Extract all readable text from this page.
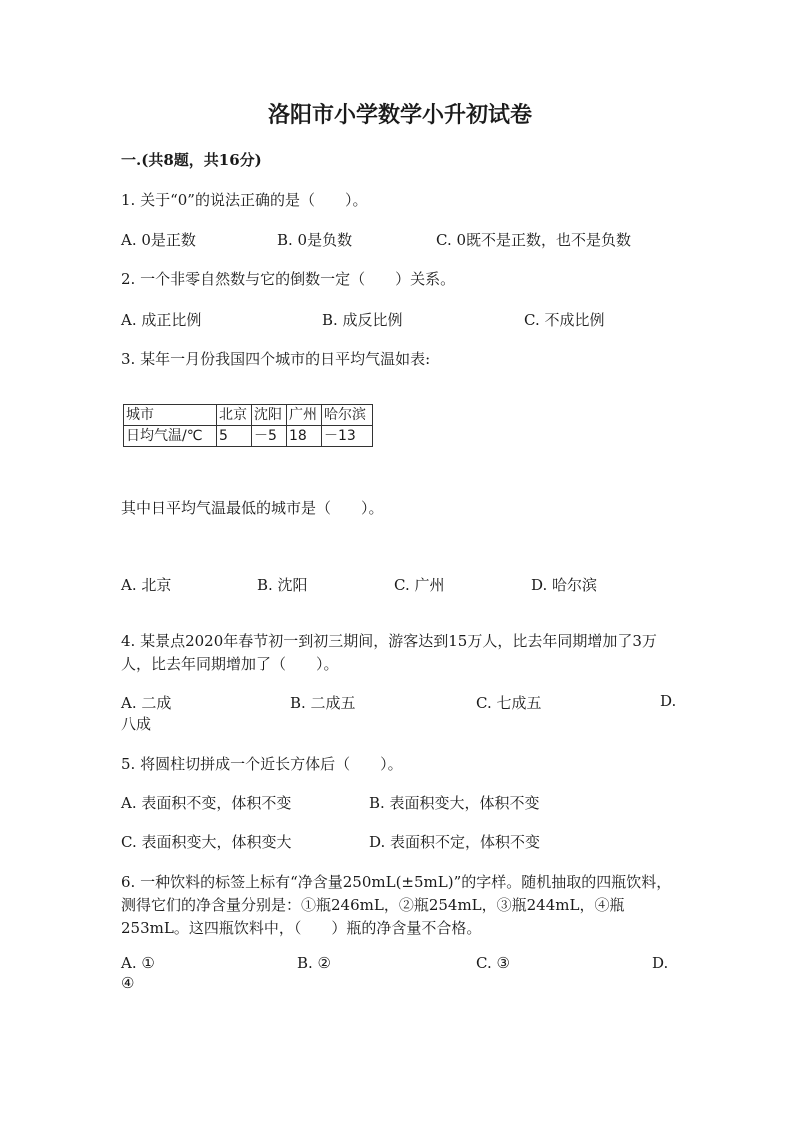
洛阳市小学数学小升初试卷
一.(共8题，共16分)
1. 关于“0”的说法正确的是（　　）。
A. 0是正数	B. 0是负数	C. 0既不是正数，也不是负数
2. 一个非零自然数与它的倒数一定（　　）关系。
A. 成正比例	B. 成反比例	C. 不成比例
3. 某年一月份我国四个城市的日平均气温如表:
城市	北京	沈阳	广州	哈尔滨
日均气温/℃	5	－5	18	－13
其中日平均气温最低的城市是（　　）。
A. 北京	B. 沈阳	C. 广州	D. 哈尔滨
4. 某景点2020年春节初一到初三期间，游客达到15万人，比去年同期增加了3万人，比去年同期增加了（　　）。
A. 二成	B. 二成五	C. 七成五	D.
八成
5. 将圆柱切拼成一个近长方体后（　　）。
A. 表面积不变，体积不变	B. 表面积变大，体积不变
C. 表面积变大，体积变大	D. 表面积不定，体积不变
6. 一种饮料的标签上标有“净含量250mL(±5mL)”的字样。随机抽取的四瓶饮料，测得它们的净含量分别是：①瓶246mL，②瓶254mL，③瓶244mL，④瓶253mL。这四瓶饮料中，（　　）瓶的净含量不合格。
A. ①	B. ②	C. ③	D.
④
